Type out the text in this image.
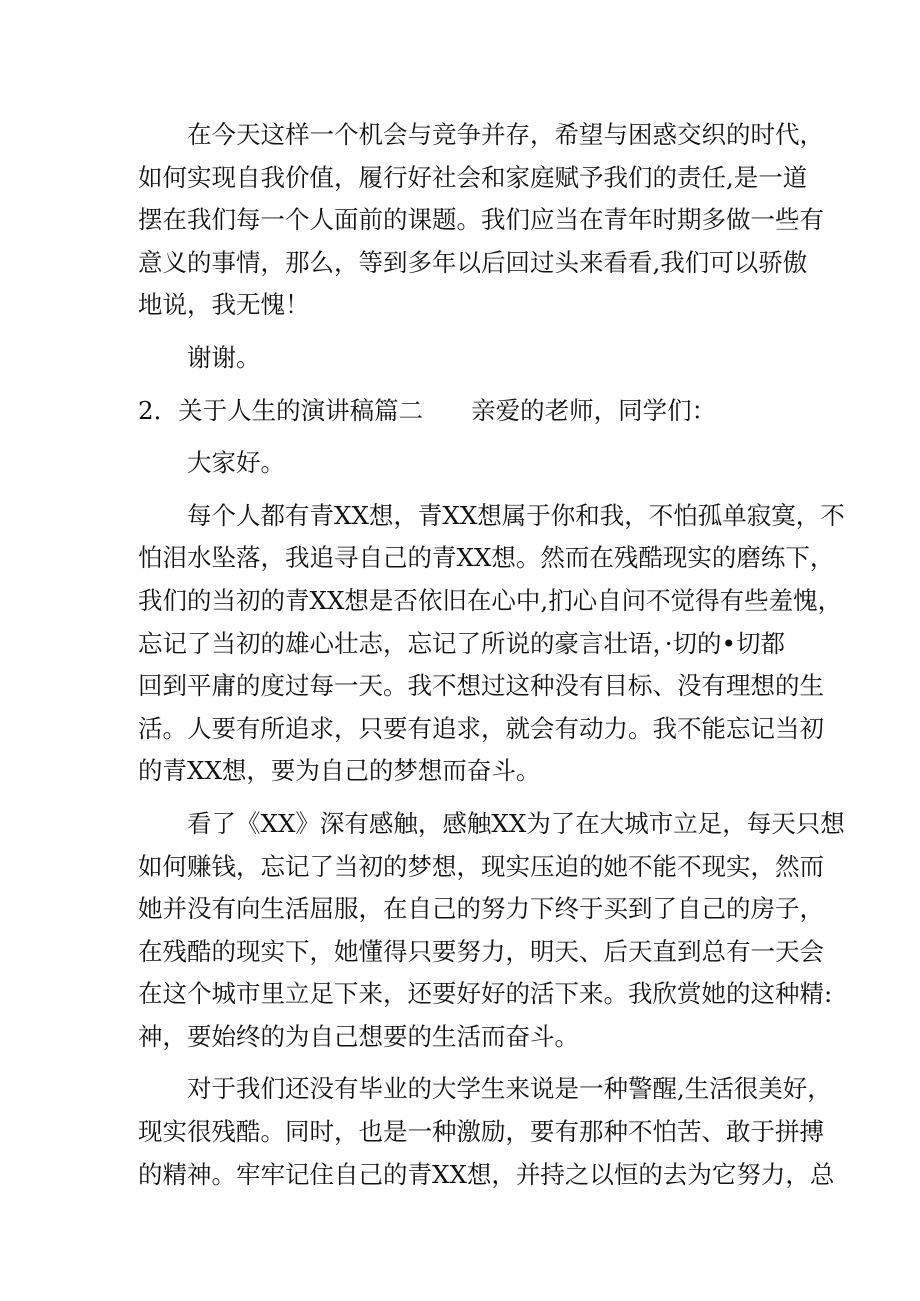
在今天这样一个机会与竞争并存，希望与困惑交织的时代，
如何实现自我价值，履行好社会和家庭赋予我们的责任,是一道
摆在我们每一个人面前的课题。我们应当在青年时期多做一些有
意义的事情，那么，等到多年以后回过头来看看,我们可以骄傲
地说，我无愧！
谢谢。
2．关于人生的演讲稿篇二 亲爱的老师，同学们：
大家好。
每个人都有青XX想，青XX想属于你和我，不怕孤单寂寞，不
怕泪水坠落，我追寻自己的青XX想。然而在残酷现实的磨练下，
我们的当初的青XX想是否依旧在心中,扪心自问不觉得有些羞愧，
忘记了当初的雄心壮志，忘记了所说的豪言壮语，·切的•切都
回到平庸的度过每一天。我不想过这种没有目标、没有理想的生
活。人要有所追求，只要有追求，就会有动力。我不能忘记当初
的青XX想，要为自己的梦想而奋斗。
看了《XX》深有感触，感触XX为了在大城市立足，每天只想
如何赚钱，忘记了当初的梦想，现实压迫的她不能不现实，然而
她并没有向生活屈服，在自己的努力下终于买到了自己的房子，
在残酷的现实下，她懂得只要努力，明天、后天直到总有一天会
在这个城市里立足下来，还要好好的活下来。我欣赏她的这种精:
神，要始终的为自己想要的生活而奋斗。
对于我们还没有毕业的大学生来说是一种警醒,生活很美好，
现实很残酷。同时，也是一种激励，要有那种不怕苦、敢于拼搏
的精神。牢牢记住自己的青XX想，并持之以恒的去为它努力，总
